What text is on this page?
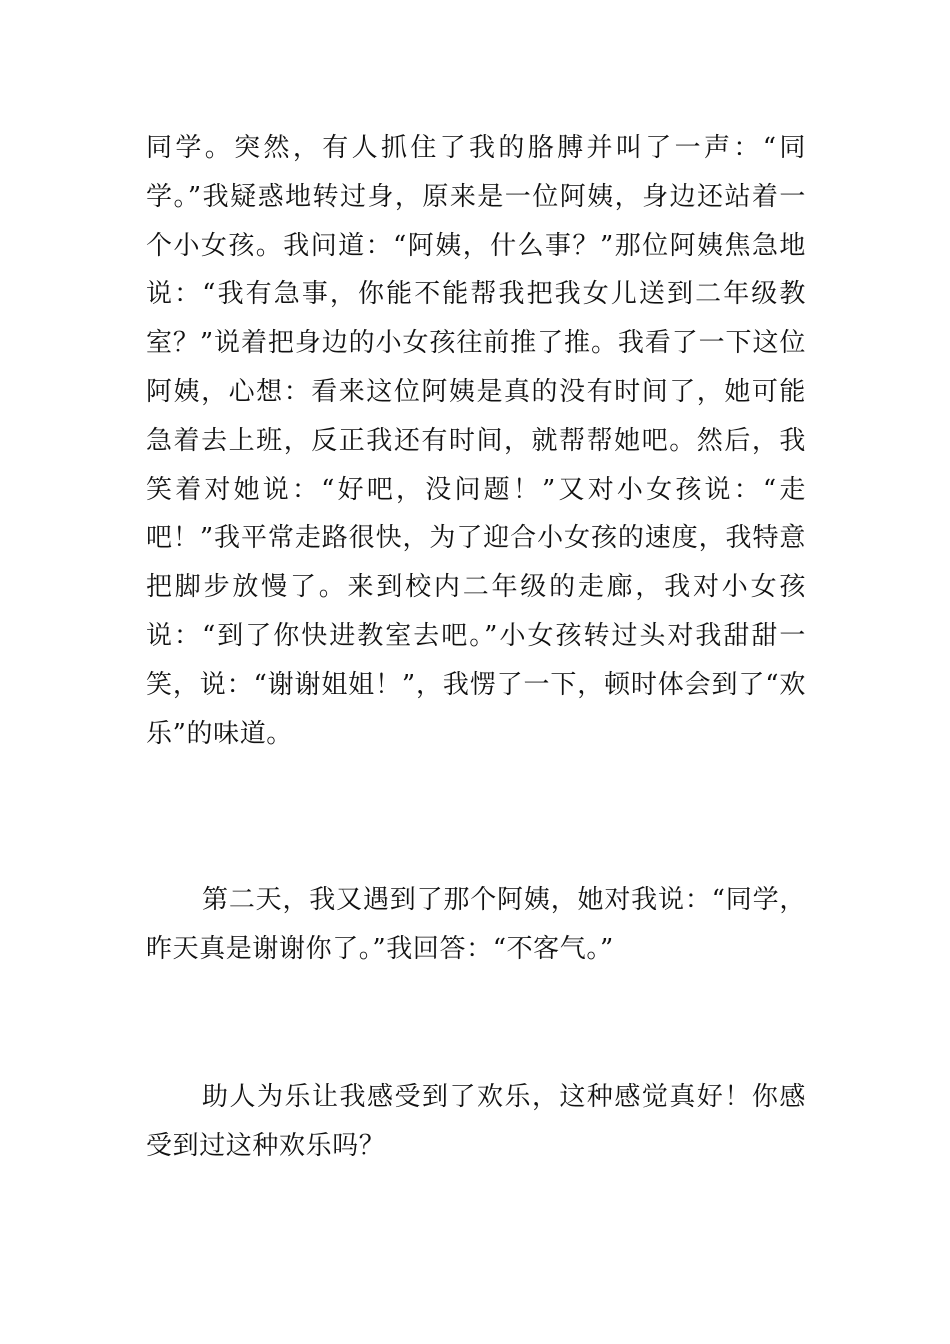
同学。突然，有人抓住了我的胳膊并叫了一声：“同学。”我疑惑地转过身，原来是一位阿姨，身边还站着一个小女孩。我问道：“阿姨，什么事？”那位阿姨焦急地说：“我有急事，你能不能帮我把我女儿送到二年级教室？”说着把身边的小女孩往前推了推。我看了一下这位阿姨，心想：看来这位阿姨是真的没有时间了，她可能急着去上班，反正我还有时间，就帮帮她吧。然后，我笑着对她说：“好吧，没问题！”又对小女孩说：“走吧！”我平常走路很快，为了迎合小女孩的速度，我特意把脚步放慢了。来到校内二年级的走廊，我对小女孩说：“到了你快进教室去吧。”小女孩转过头对我甜甜一笑，说：“谢谢姐姐！”，我愣了一下，顿时体会到了“欢乐”的味道。

第二天，我又遇到了那个阿姨，她对我说：“同学，昨天真是谢谢你了。”我回答：“不客气。”

助人为乐让我感受到了欢乐，这种感觉真好！你感受到过这种欢乐吗？
